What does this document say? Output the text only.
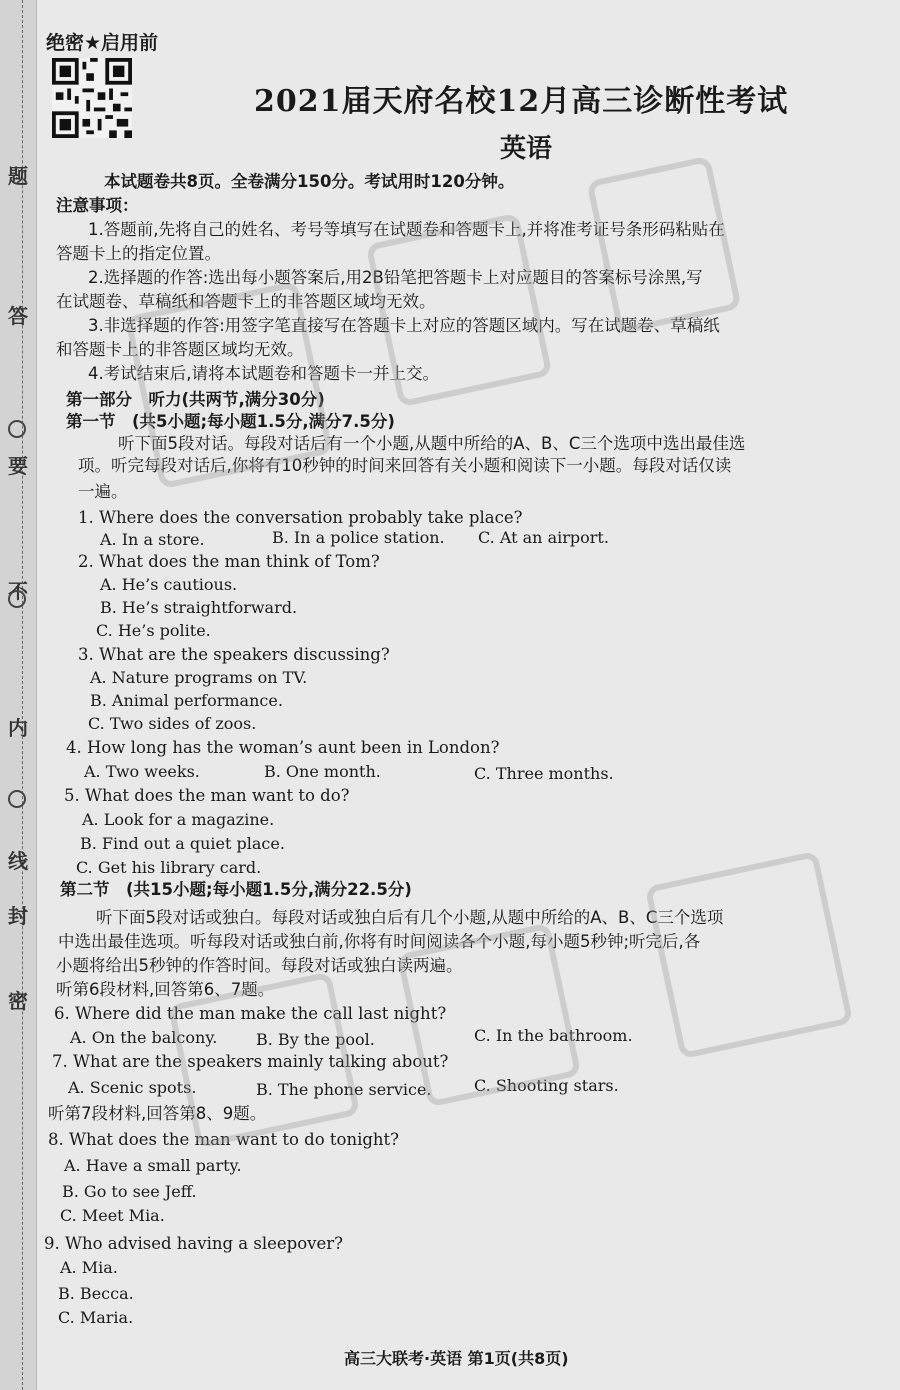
题
答
要
不
内
线
封
密
绝密★启用前
2021届天府名校12月高三诊断性考试
英语
本试题卷共8页。全卷满分150分。考试用时120分钟。
注意事项：
1.答题前,先将自己的姓名、考号等填写在试题卷和答题卡上,并将准考证号条形码粘贴在
答题卡上的指定位置。
2.选择题的作答:选出每小题答案后,用2B铅笔把答题卡上对应题目的答案标号涂黑,写
在试题卷、草稿纸和答题卡上的非答题区域均无效。
3.非选择题的作答:用签字笔直接写在答题卡上对应的答题区域内。写在试题卷、草稿纸
和答题卡上的非答题区域均无效。
4.考试结束后,请将本试题卷和答题卡一并上交。
第一部分　听力(共两节,满分30分)
第一节　(共5小题;每小题1.5分,满分7.5分)
听下面5段对话。每段对话后有一个小题,从题中所给的A、B、C三个选项中选出最佳选
项。听完每段对话后,你将有10秒钟的时间来回答有关小题和阅读下一小题。每段对话仅读
一遍。
1. Where does the conversation probably take place?
A. In a store.	B. In a police station. C. At an airport.
2. What does the man think of Tom?
A. He’s cautious.
B. He’s straightforward.
C. He’s polite.
3. What are the speakers discussing?
A. Nature programs on TV.
B. Animal performance.
C. Two sides of zoos.
4. How long has the woman’s aunt been in London?
A. Two weeks.	B. One month.	C. Three months.
5. What does the man want to do?
A. Look for a magazine.
B. Find out a quiet place.
C. Get his library card.
第二节　(共15小题;每小题1.5分,满分22.5分)
听下面5段对话或独白。每段对话或独白后有几个小题,从题中所给的A、B、C三个选项
中选出最佳选项。听每段对话或独白前,你将有时间阅读各个小题,每小题5秒钟;听完后,各
小题将给出5秒钟的作答时间。每段对话或独白读两遍。
听第6段材料,回答第6、7题。
6. Where did the man make the call last night?
A. On the balcony. B. By the pool.	C. In the bathroom.
7. What are the speakers mainly talking about?
A. Scenic spots.	B. The phone service.	C. Shooting stars.
听第7段材料,回答第8、9题。
8. What does the man want to do tonight?
A. Have a small party.
B. Go to see Jeff.
C. Meet Mia.
9. Who advised having a sleepover?
A. Mia.
B. Becca.
C. Maria.
高三大联考·英语 第1页(共8页)
